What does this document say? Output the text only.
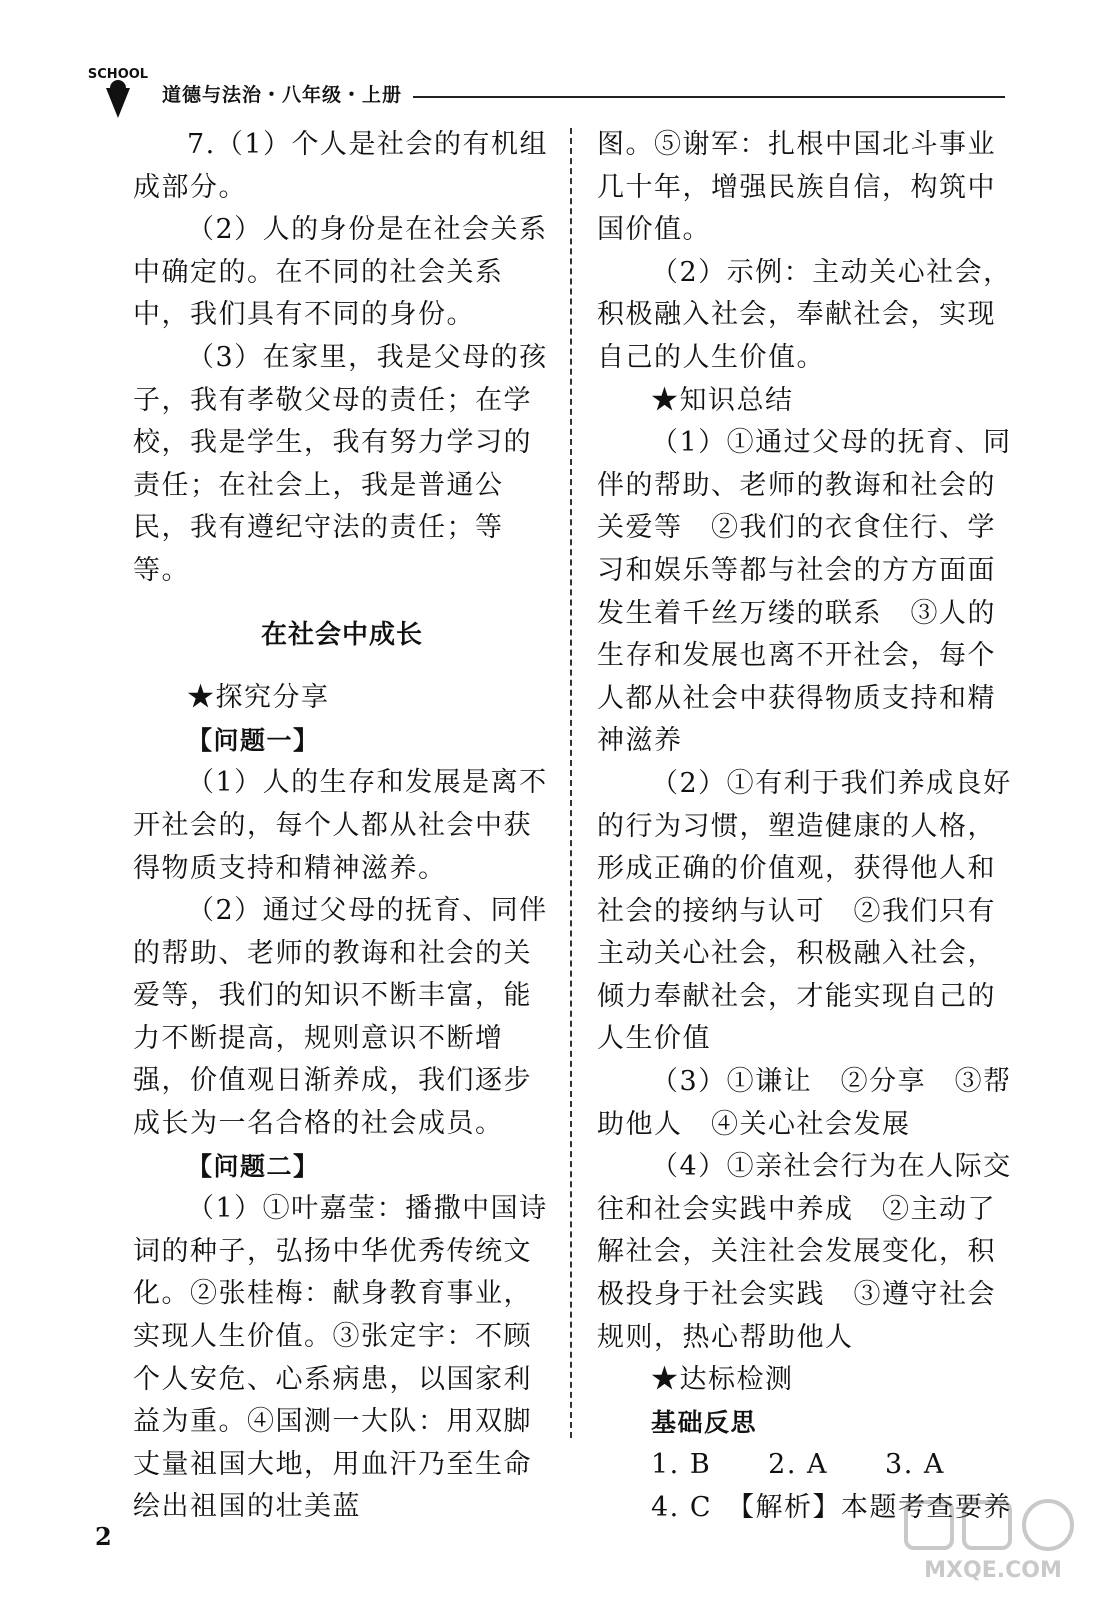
SCHOOL
道德与法治・八年级・上册

7.（1）个人是社会的有机组成部分。

（2）人的身份是在社会关系中确定的。在不同的社会关系中，我们具有不同的身份。

（3）在家里，我是父母的孩子，我有孝敬父母的责任；在学校，我是学生，我有努力学习的责任；在社会上，我是普通公民，我有遵纪守法的责任；等等。

在社会中成长

★探究分享

【问题一】

（1）人的生存和发展是离不开社会的，每个人都从社会中获得物质支持和精神滋养。

（2）通过父母的抚育、同伴的帮助、老师的教诲和社会的关爱等，我们的知识不断丰富，能力不断提高，规则意识不断增强，价值观日渐养成，我们逐步成长为一名合格的社会成员。

【问题二】

（1）①叶嘉莹：播撒中国诗词的种子，弘扬中华优秀传统文化。②张桂梅：献身教育事业，实现人生价值。③张定宇：不顾个人安危、心系病患，以国家利益为重。④国测一大队：用双脚丈量祖国大地，用血汗乃至生命绘出祖国的壮美蓝

图。⑤谢军：扎根中国北斗事业几十年，增强民族自信，构筑中国价值。

（2）示例：主动关心社会，积极融入社会，奉献社会，实现自己的人生价值。

★知识总结

（1）①通过父母的抚育、同伴的帮助、老师的教诲和社会的关爱等　②我们的衣食住行、学习和娱乐等都与社会的方方面面发生着千丝万缕的联系　③人的生存和发展也离不开社会，每个人都从社会中获得物质支持和精神滋养

（2）①有利于我们养成良好的行为习惯，塑造健康的人格，形成正确的价值观，获得他人和社会的接纳与认可　②我们只有主动关心社会，积极融入社会，倾力奉献社会，才能实现自己的人生价值

（3）①谦让　②分享　③帮助他人　④关心社会发展

（4）①亲社会行为在人际交往和社会实践中养成　②主动了解社会，关注社会发展变化，积极投身于社会实践　③遵守社会规则，热心帮助他人

★达标检测

基础反思

1. B　　2. A　　3. A

4. C　【解析】本题考查要养

2
MXQE.COM
